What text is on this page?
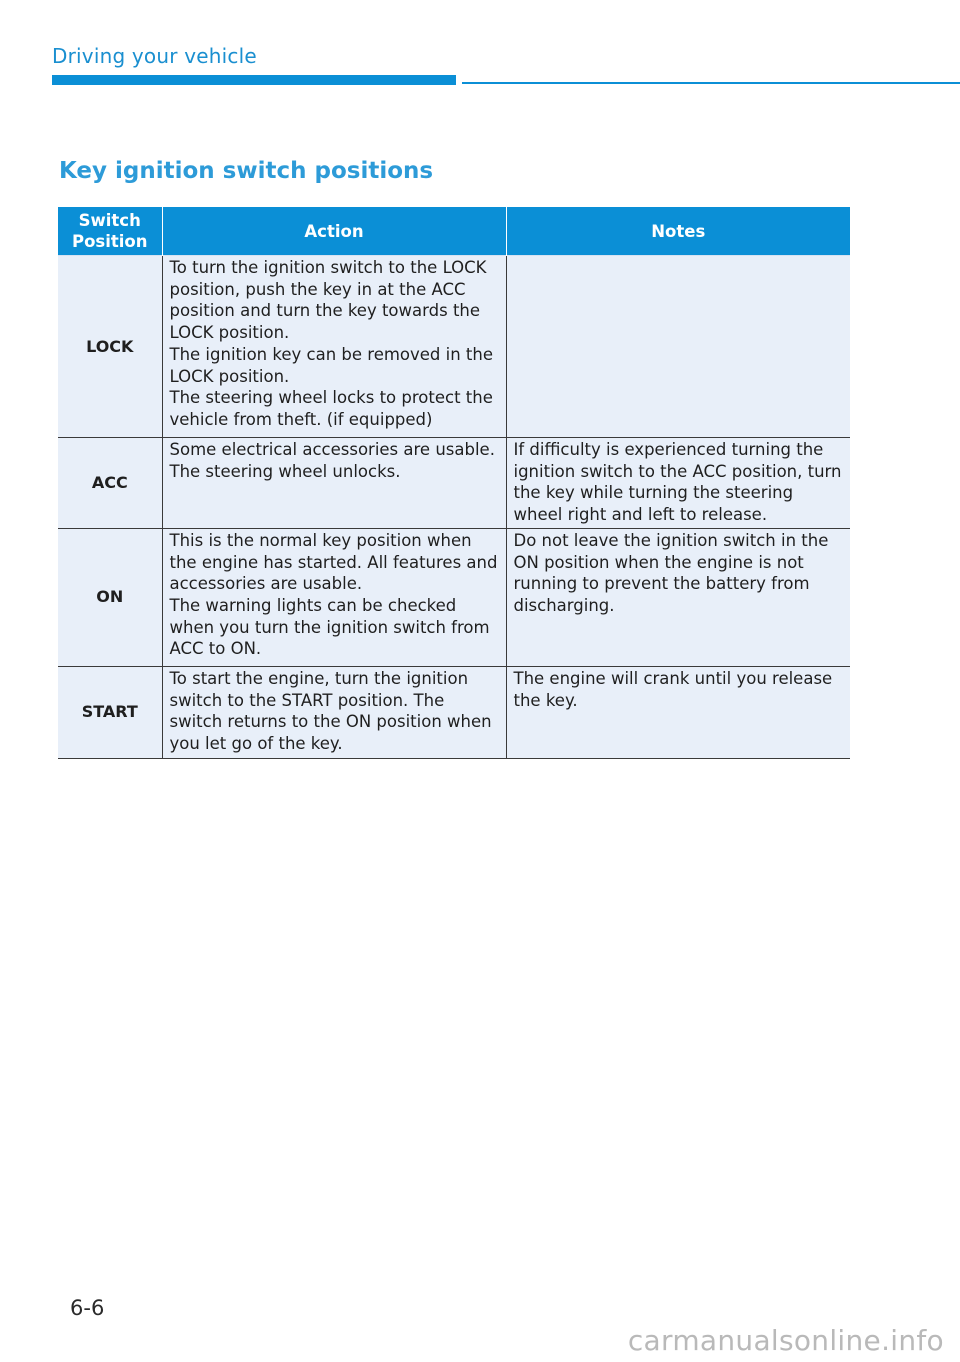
Driving your vehicle
Key ignition switch positions
Switch Position	Action	Notes
LOCK	To turn the ignition switch to the LOCK position, push the key in at the ACC position and turn the key towards the LOCK position.
The ignition key can be removed in the LOCK position.
The steering wheel locks to protect the vehicle from theft. (if equipped)	

ACC	Some electrical accessories are usable. The steering wheel unlocks.	If difficulty is experienced turning the ignition switch to the ACC position, turn the key while turning the steering wheel right and left to release.
ON	This is the normal key position when the engine has started. All features and accessories are usable.
The warning lights can be checked when you turn the ignition switch from ACC to ON.	Do not leave the ignition switch in the ON position when the engine is not running to prevent the battery from discharging.
START	To start the engine, turn the ignition switch to the START position. The switch returns to the ON position when you let go of the key.	The engine will crank until you release the key.
6-6
carmanualsonline.info
